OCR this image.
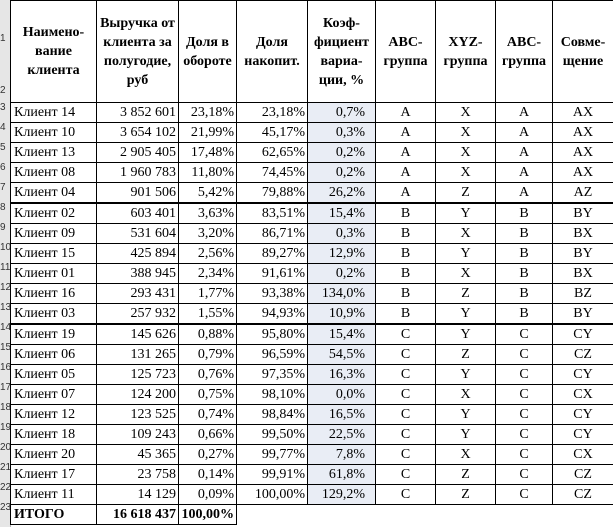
1
2
3
4
5
6
7
8
9
10
11
12
13
14
15
16
17
18
19
20
21
22
23
Наимено-вание клиента	Выручка от клиента за полугодие, руб	Доля в обороте	Доля накопит.	Коэф-фициент вариа-ции, %	ABC-группа	XYZ-группа	ABC-группа	Совме-щение

Клиент 14	3 852 601	23,18%	23,18%	0,7%	A	X	A	AX
Клиент 10	3 654 102	21,99%	45,17%	0,3%	A	X	A	AX
Клиент 13	2 905 405	17,48%	62,65%	0,2%	A	X	A	AX
Клиент 08	1 960 783	11,80%	74,45%	0,2%	A	X	A	AX
Клиент 04	901 506	5,42%	79,88%	26,2%	A	Z	A	AZ
Клиент 02	603 401	3,63%	83,51%	15,4%	B	Y	B	BY
Клиент 09	531 604	3,20%	86,71%	0,3%	B	X	B	BX
Клиент 15	425 894	2,56%	89,27%	12,9%	B	Y	B	BY
Клиент 01	388 945	2,34%	91,61%	0,2%	B	X	B	BX
Клиент 16	293 431	1,77%	93,38%	134,0%	B	Z	B	BZ
Клиент 03	257 932	1,55%	94,93%	10,9%	B	Y	B	BY
Клиент 19	145 626	0,88%	95,80%	15,4%	C	Y	C	CY
Клиент 06	131 265	0,79%	96,59%	54,5%	C	Z	C	CZ
Клиент 05	125 723	0,76%	97,35%	16,3%	C	Y	C	CY
Клиент 07	124 200	0,75%	98,10%	0,0%	C	X	C	CX
Клиент 12	123 525	0,74%	98,84%	16,5%	C	Y	C	CY
Клиент 18	109 243	0,66%	99,50%	22,5%	C	Y	C	CY
Клиент 20	45 365	0,27%	99,77%	7,8%	C	X	C	CX
Клиент 17	23 758	0,14%	99,91%	61,8%	C	Z	C	CZ
Клиент 11	14 129	0,09%	100,00%	129,2%	C	Z	C	CZ
ИТОГО	16 618 437	100,00%						
